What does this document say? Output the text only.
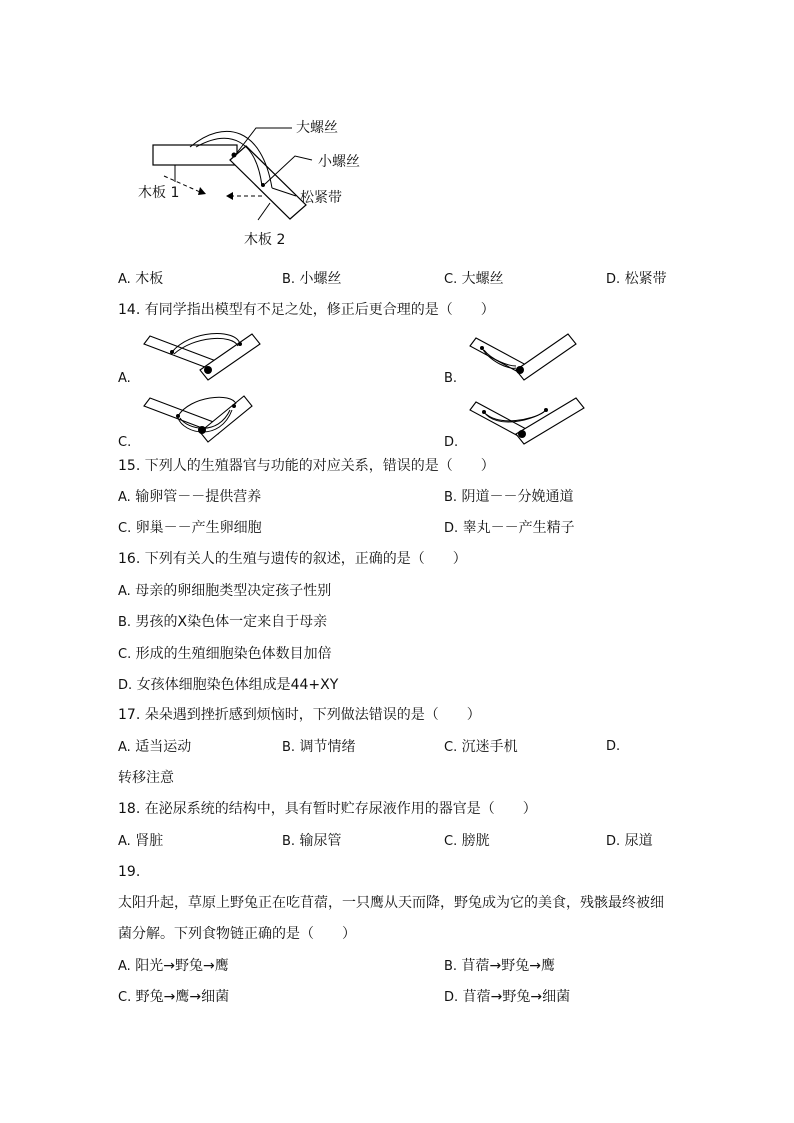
大螺丝
小螺丝
松紧带
木板 1
木板 2
A. 木板	B. 小螺丝	C. 大螺丝	D. 松紧带
14. 有同学指出模型有不足之处，修正后更合理的是（　　）
A.	B.
C.	D.
15. 下列人的生殖器官与功能的对应关系，错误的是（　　）
A. 输卵管－－提供营养	B. 阴道－－分娩通道
C. 卵巢－－产生卵细胞	D. 睾丸－－产生精子
16. 下列有关人的生殖与遗传的叙述，正确的是（　　）
A. 母亲的卵细胞类型决定孩子性别
B. 男孩的X染色体一定来自于母亲
C. 形成的生殖细胞染色体数目加倍
D. 女孩体细胞染色体组成是44+XY
17. 朵朵遇到挫折感到烦恼时，下列做法错误的是（　　）
A. 适当运动	B. 调节情绪	C. 沉迷手机	D.
转移注意
18. 在泌尿系统的结构中，具有暂时贮存尿液作用的器官是（　　）
A. 肾脏	B. 输尿管	C. 膀胱	D. 尿道
19.
太阳升起，草原上野兔正在吃苜蓿，一只鹰从天而降，野兔成为它的美食，残骸最终被细
菌分解。下列食物链正确的是（　　）
A. 阳光→野兔→鹰	B. 苜蓿→野兔→鹰
C. 野兔→鹰→细菌	D. 苜蓿→野兔→细菌
